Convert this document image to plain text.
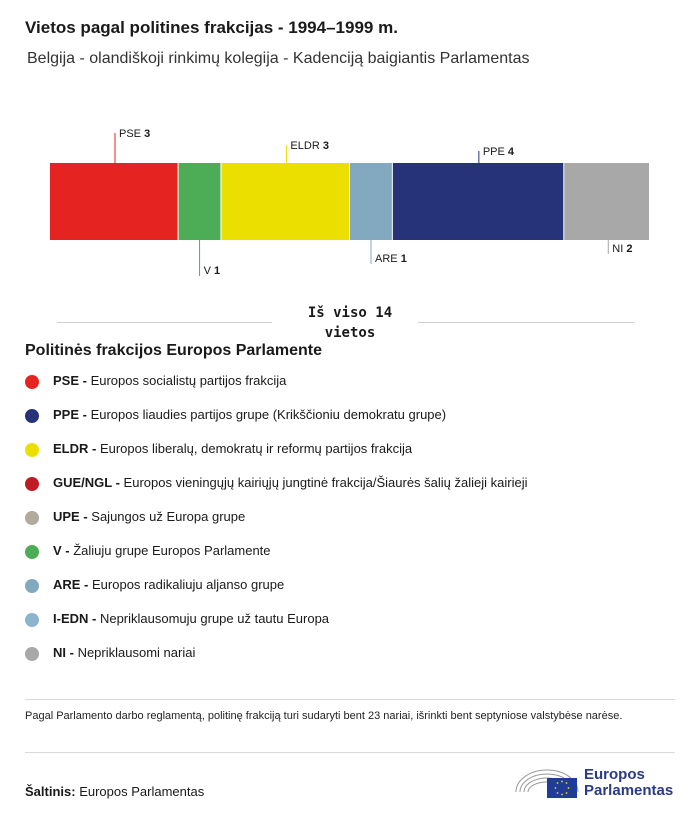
Vietos pagal politines frakcijas - 1994–1999 m.
Belgija - olandiškoji rinkimų kolegija - Kadenciją baigiantis Parlamentas
PSE 3
V 1
ELDR 3
ARE 1
PPE 4
NI 2
Iš viso 14 vietos
Politinės frakcijos Europos Parlamente
PSE - Europos socialistų partijos frakcija
PPE - Europos liaudies partijos grupe (Krikščioniu demokratu grupe)
ELDR - Europos liberalų, demokratų ir reformų partijos frakcija
GUE/NGL - Europos vieningųjų kairiųjų jungtinė frakcija/Šiaurės šalių žalieji kairieji
UPE - Sajungos už Europa grupe
V - Žaliuju grupe Europos Parlamente
ARE - Europos radikaliuju aljanso grupe
I-EDN - Nepriklausomuju grupe už tautu Europa
NI - Nepriklausomi nariai
Pagal Parlamento darbo reglamentą, politinę frakciją turi sudaryti bent 23 nariai, išrinkti bent septyniose valstybėse narėse.
Šaltinis: Europos Parlamentas
Europos
Parlamentas
